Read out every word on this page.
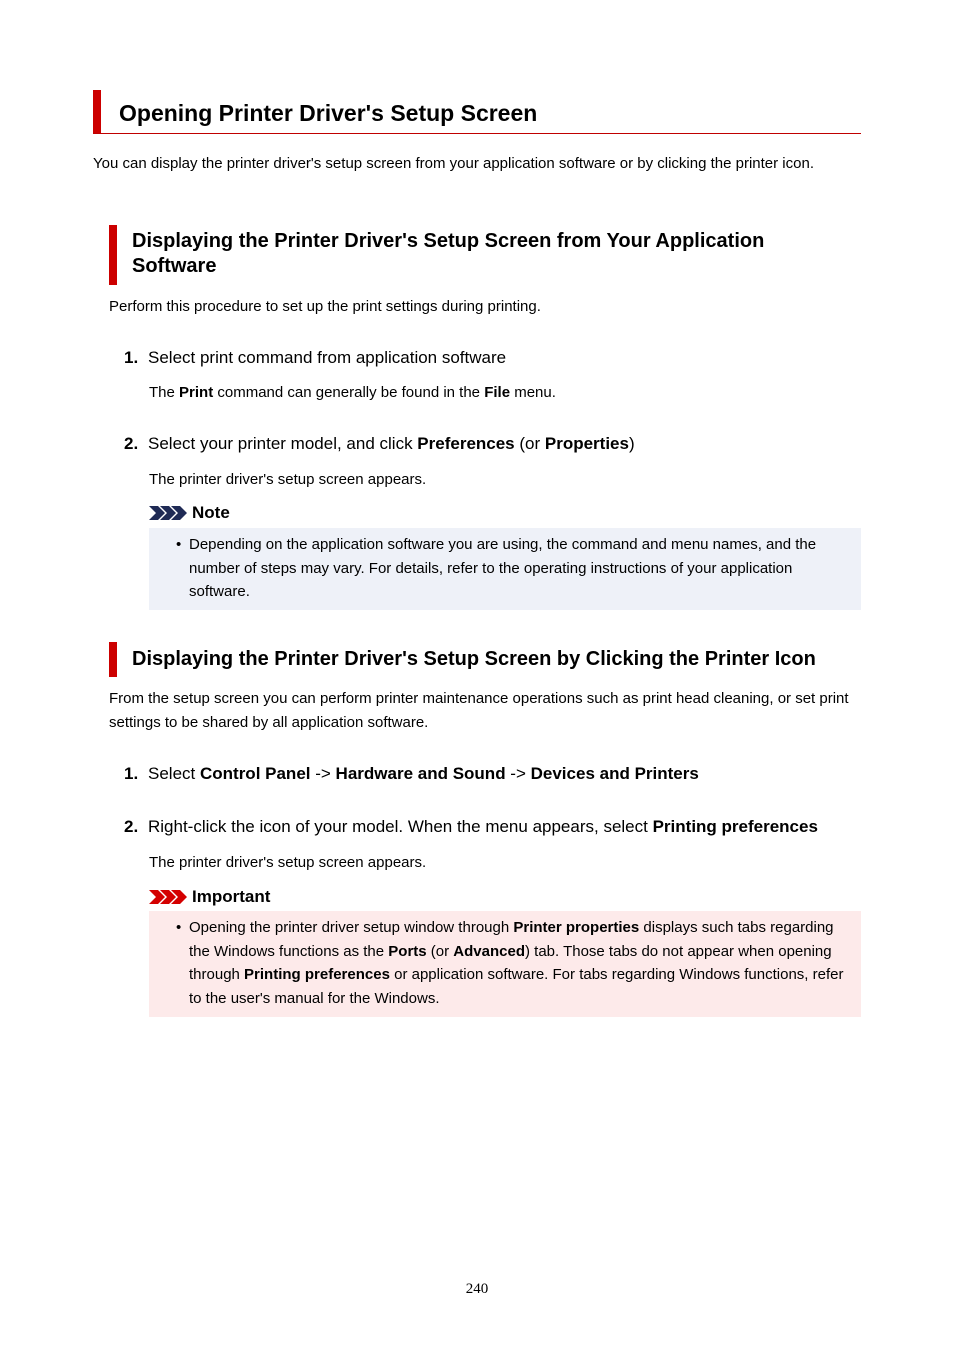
Opening Printer Driver's Setup Screen
You can display the printer driver's setup screen from your application software or by clicking the printer icon.
Displaying the Printer Driver's Setup Screen from Your Application Software
Perform this procedure to set up the print settings during printing.
1. Select print command from application software
The Print command can generally be found in the File menu.
2. Select your printer model, and click Preferences (or Properties)
The printer driver's setup screen appears.
Note
• Depending on the application software you are using, the command and menu names, and the number of steps may vary. For details, refer to the operating instructions of your application software.
Displaying the Printer Driver's Setup Screen by Clicking the Printer Icon
From the setup screen you can perform printer maintenance operations such as print head cleaning, or set print settings to be shared by all application software.
1. Select Control Panel -> Hardware and Sound -> Devices and Printers
2. Right-click the icon of your model. When the menu appears, select Printing preferences
The printer driver's setup screen appears.
Important
• Opening the printer driver setup window through Printer properties displays such tabs regarding the Windows functions as the Ports (or Advanced) tab. Those tabs do not appear when opening through Printing preferences or application software. For tabs regarding Windows functions, refer to the user's manual for the Windows.
240
